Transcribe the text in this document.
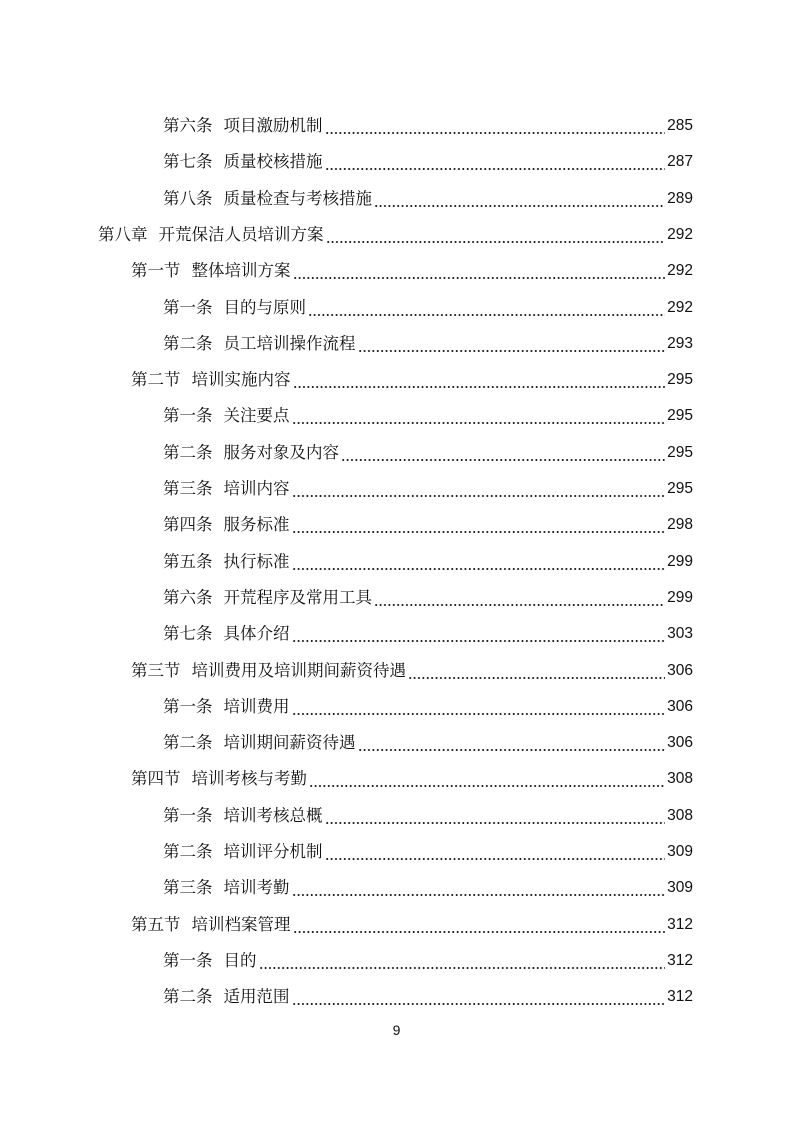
第六条 项目激励机制	285
第七条 质量校核措施	287
第八条 质量检查与考核措施	289
第八章 开荒保洁人员培训方案	292
第一节 整体培训方案	292
第一条 目的与原则	292
第二条 员工培训操作流程	293
第二节 培训实施内容	295
第一条 关注要点	295
第二条 服务对象及内容	295
第三条 培训内容	295
第四条 服务标准	298
第五条 执行标准	299
第六条 开荒程序及常用工具	299
第七条 具体介绍	303
第三节 培训费用及培训期间薪资待遇	306
第一条 培训费用	306
第二条 培训期间薪资待遇	306
第四节 培训考核与考勤	308
第一条 培训考核总概	308
第二条 培训评分机制	309
第三条 培训考勤	309
第五节 培训档案管理	312
第一条 目的	312
第二条 适用范围	312
9
